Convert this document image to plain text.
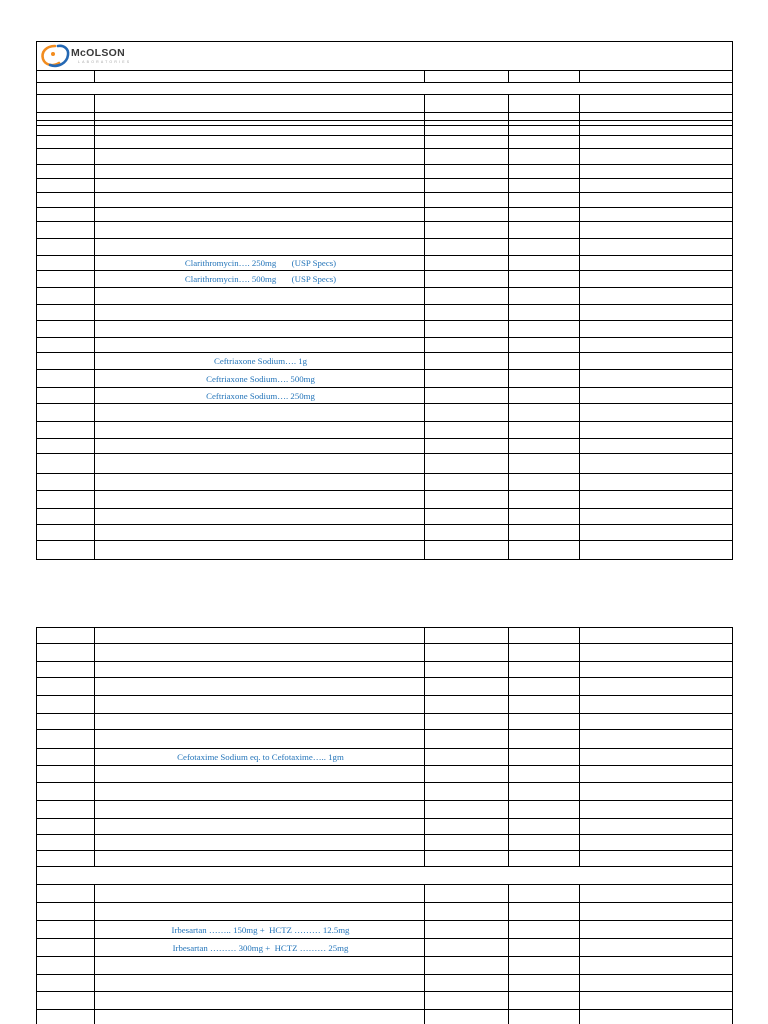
McOLSON
LABORATORIES
Clarithromycin…. 250mg       (USP Specs)
Clarithromycin…. 500mg       (USP Specs)
Ceftriaxone Sodium…. 1g
Ceftriaxone Sodium…. 500mg
Ceftriaxone Sodium…. 250mg
Cefotaxime Sodium eq. to Cefotaxime….. 1gm
Irbesartan …….. 150mg +  HCTZ ……… 12.5mg
Irbesartan ……… 300mg +  HCTZ ……… 25mg
